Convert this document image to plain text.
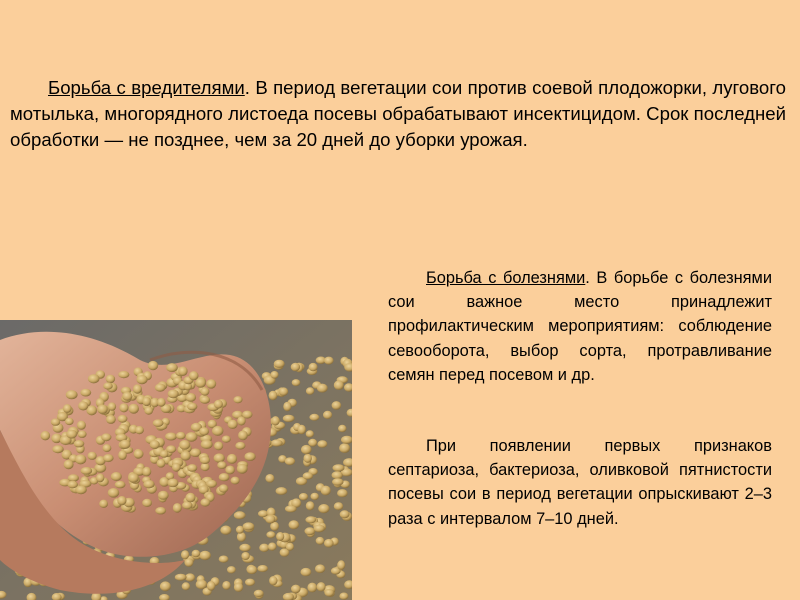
Борьба с вредителями. В период вегетации сои против соевой плодожорки, лугового мотылька, многорядного листоеда посевы обрабатывают инсектицидом. Срок последней обработки — не позднее, чем за 20 дней до уборки урожая.

Борьба с болезнями. В борьбе с болезнями сои важное место принадлежит профилактическим мероприятиям: соблюдение севооборота, выбор сорта, протравливание семян перед посевом и др.

При появлении первых признаков септариоза, бактериоза, оливковой пятнистости посевы сои в период вегетации опрыскивают 2–3 раза с интервалом 7–10 дней.
